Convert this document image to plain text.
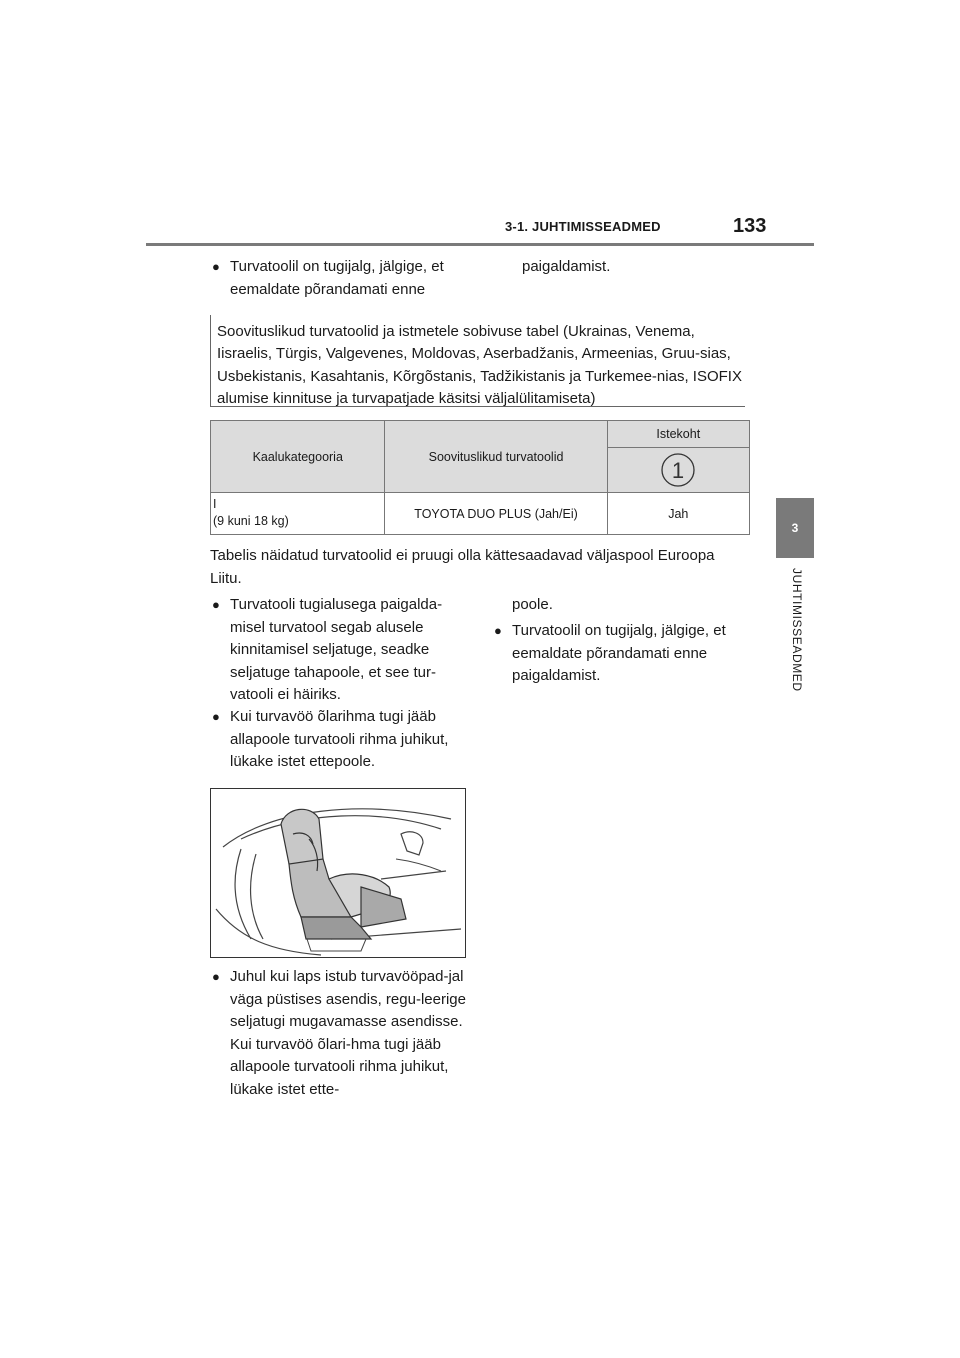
3-1. JUHTIMISSEADMED	133
3
JUHTIMISSEADMED
● Turvatoolil on tugijalg, jälgige, et eemaldate põrandamati enne
paigaldamist.
Soovituslikud turvatoolid ja istmetele sobivuse tabel (Ukrainas, Venema, Iisraelis, Türgis, Valgevenes, Moldovas, Aserbadžanis, Armeenias, Gruu-sias, Usbekistanis, Kasahtanis, Kõrgõstanis, Tadžikistanis ja Turkemee-nias, ISOFIX alumise kinnituse ja turvapatjade käsitsi väljalülitamiseta)
Kaalukategooria	Soovituslikud turvatoolid	Istekoht

1

I
(9 kuni 18 kg)	TOYOTA DUO PLUS (Jah/Ei)	Jah
Tabelis näidatud turvatoolid ei pruugi olla kättesaadavad väljaspool Euroopa Liitu.
● Turvatooli tugialusega paigalda-misel turvatool segab alusele kinnitamisel seljatuge, seadke seljatuge tahapoole, et see tur-vatooli ei häiriks.
● Kui turvavöö õlarihma tugi jääb allapoole turvatooli rihma juhikut, lükake istet ettepoole.
poole.
● Turvatoolil on tugijalg, jälgige, et eemaldate põrandamati enne paigaldamist.
● Juhul kui laps istub turvavööpad-jal väga püstises asendis, regu-leerige seljatugi mugavamasse asendisse. Kui turvavöö õlari-hma tugi jääb allapoole turvatooli rihma juhikut, lükake istet ette-
